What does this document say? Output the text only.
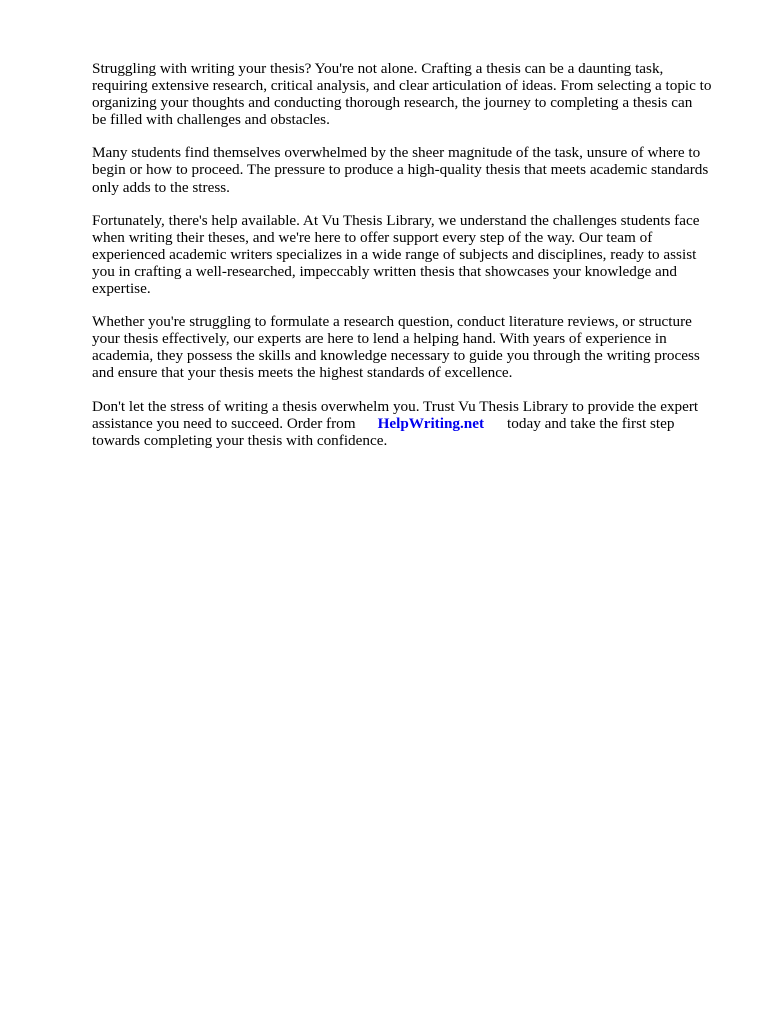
Struggling with writing your thesis? You're not alone. Crafting a thesis can be a daunting task,
requiring extensive research, critical analysis, and clear articulation of ideas. From selecting a topic to
organizing your thoughts and conducting thorough research, the journey to completing a thesis can
be filled with challenges and obstacles.

Many students find themselves overwhelmed by the sheer magnitude of the task, unsure of where to
begin or how to proceed. The pressure to produce a high-quality thesis that meets academic standards
only adds to the stress.

Fortunately, there's help available. At Vu Thesis Library, we understand the challenges students face
when writing their theses, and we're here to offer support every step of the way. Our team of
experienced academic writers specializes in a wide range of subjects and disciplines, ready to assist
you in crafting a well-researched, impeccably written thesis that showcases your knowledge and
expertise.

Whether you're struggling to formulate a research question, conduct literature reviews, or structure
your thesis effectively, our experts are here to lend a helping hand. With years of experience in
academia, they possess the skills and knowledge necessary to guide you through the writing process
and ensure that your thesis meets the highest standards of excellence.

Don't let the stress of writing a thesis overwhelm you. Trust Vu Thesis Library to provide the expert
assistance you need to succeed. Order from HelpWriting.net today and take the first step
towards completing your thesis with confidence.
